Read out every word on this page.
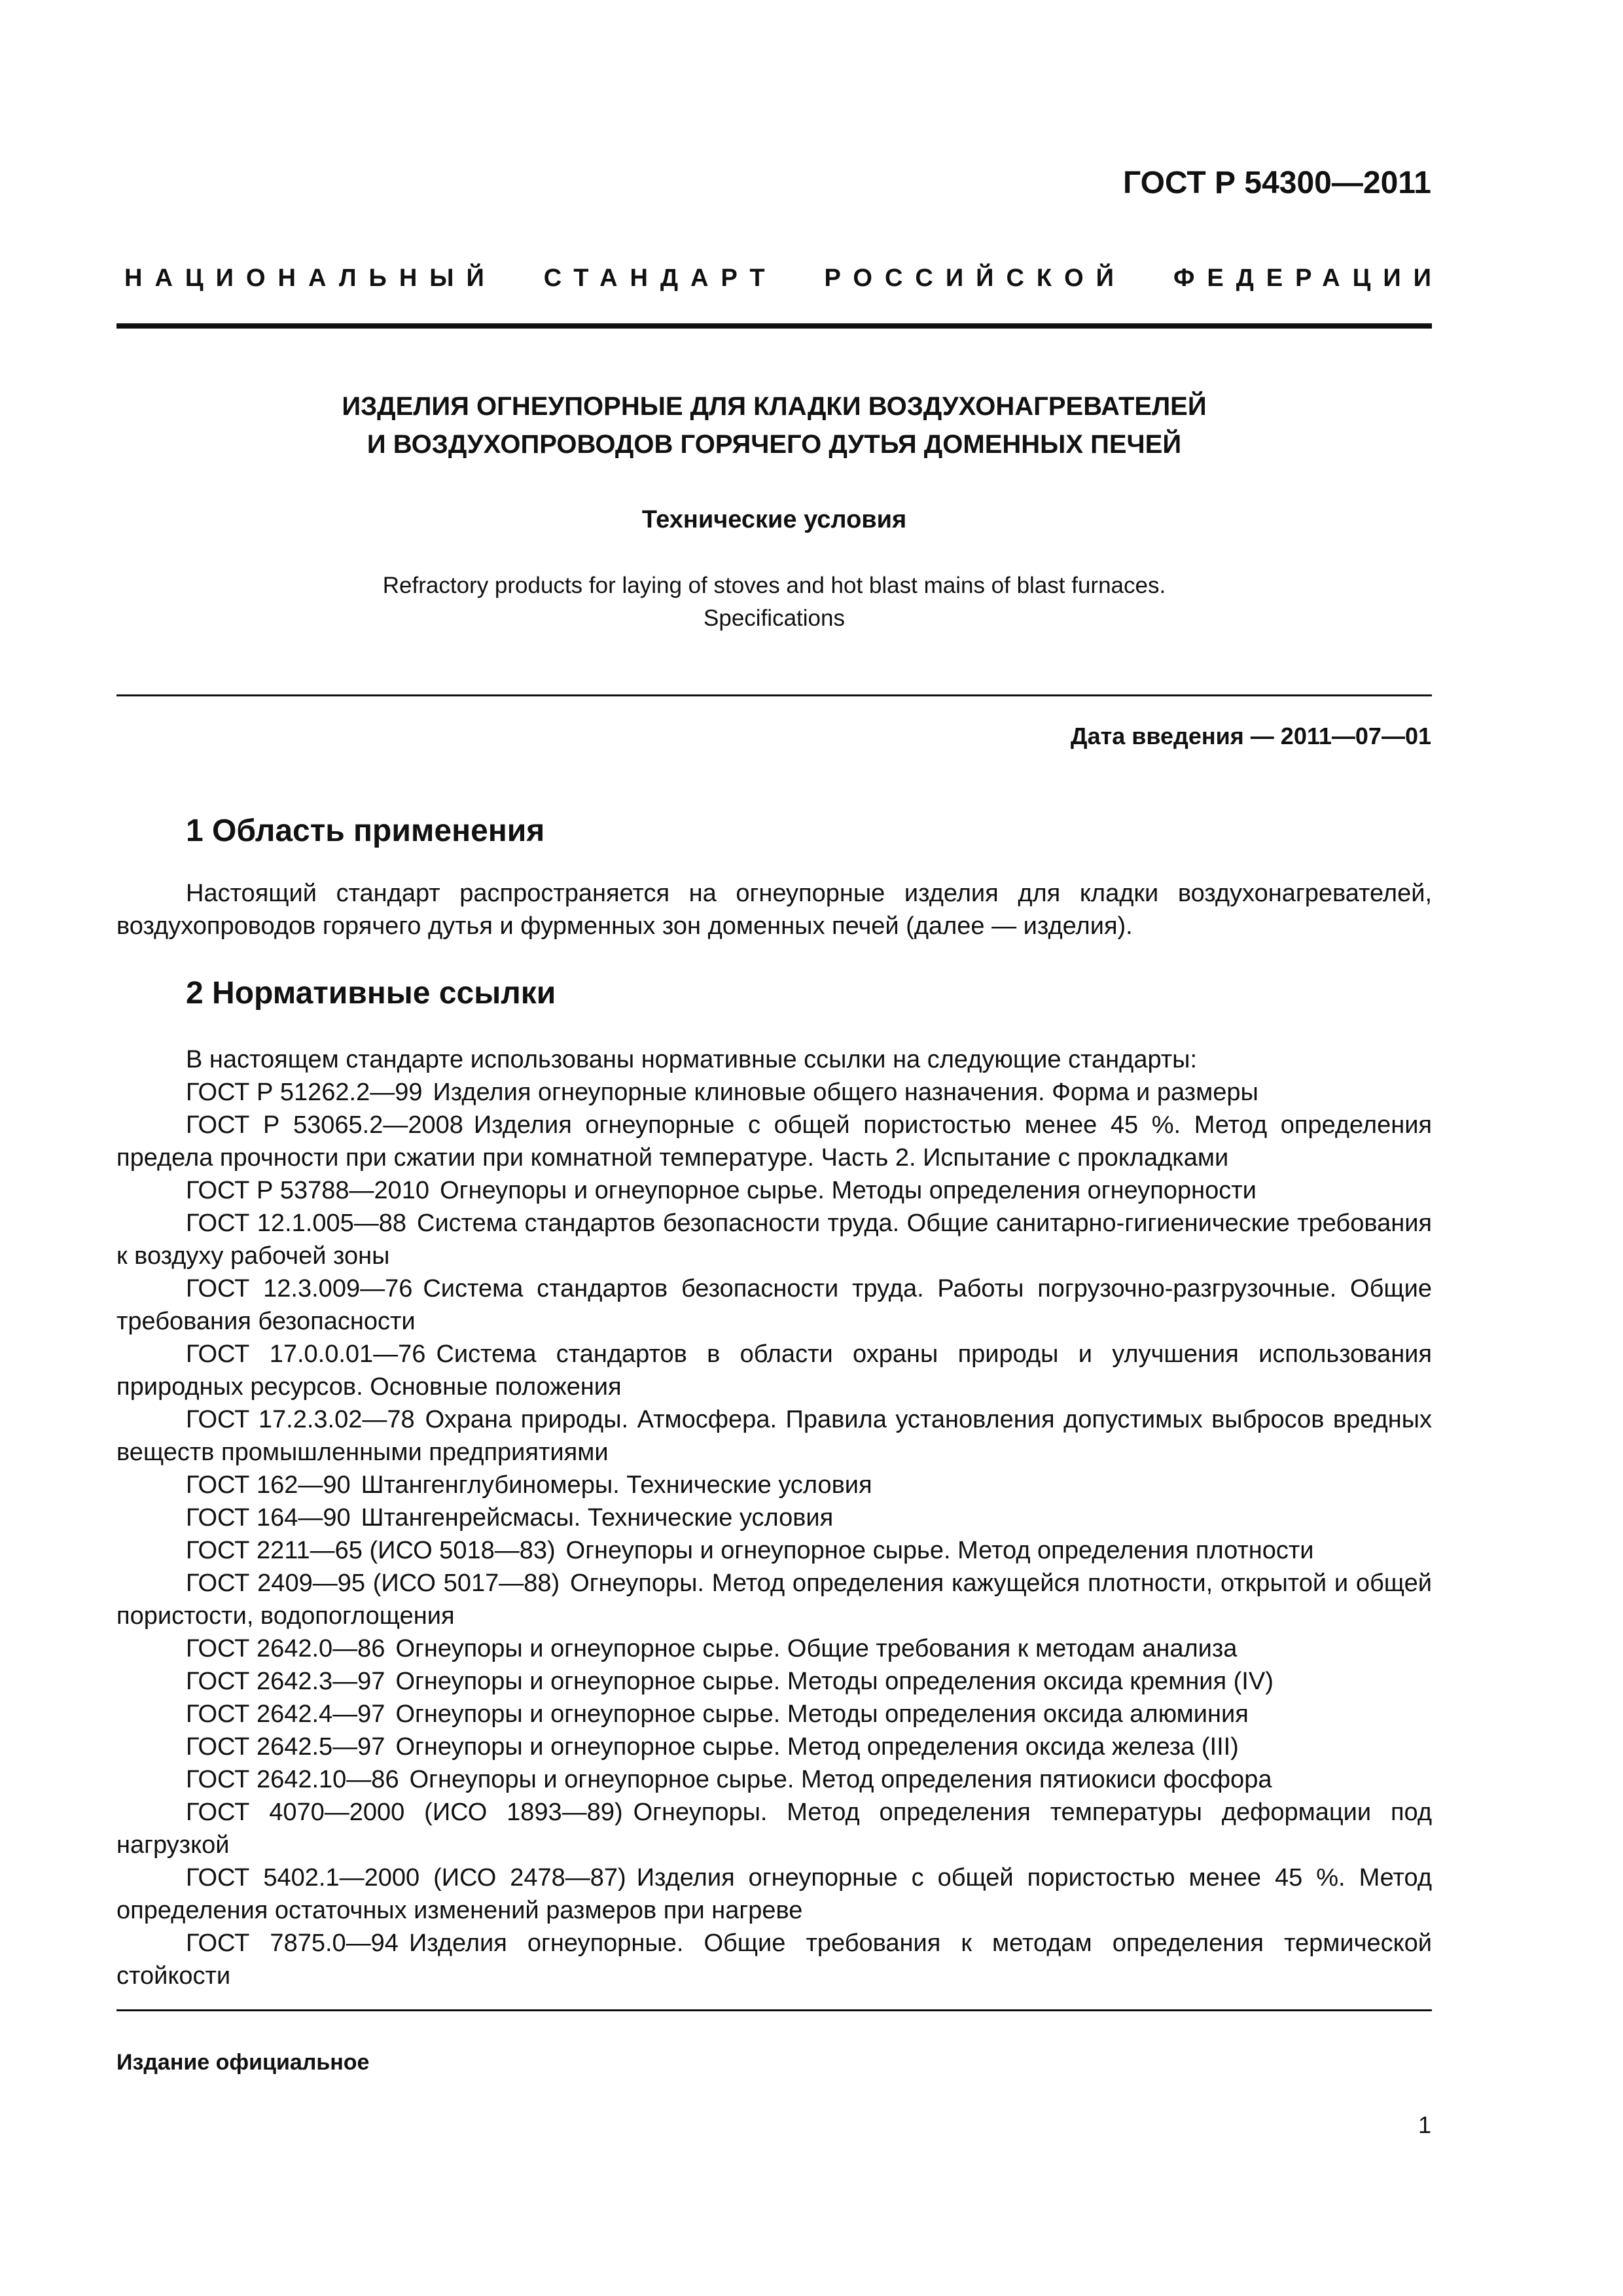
ГОСТ Р 54300—2011
НАЦИОНАЛЬНЫЙ СТАНДАРТ РОССИЙСКОЙ ФЕДЕРАЦИИ
ИЗДЕЛИЯ ОГНЕУПОРНЫЕ ДЛЯ КЛАДКИ ВОЗДУХОНАГРЕВАТЕЛЕЙ
И ВОЗДУХОПРОВОДОВ ГОРЯЧЕГО ДУТЬЯ ДОМЕННЫХ ПЕЧЕЙ
Технические условия
Refractory products for laying of stoves and hot blast mains of blast furnaces.
Specifications
Дата введения — 2011—07—01
1 Область применения

Настоящий стандарт распространяется на огнеупорные изделия для кладки воздухонагревателей, воздухопроводов горячего дутья и фурменных зон доменных печей (далее — изделия).

2 Нормативные ссылки

В настоящем стандарте использованы нормативные ссылки на следующие стандарты:

ГОСТ Р 51262.2—99 Изделия огнеупорные клиновые общего назначения. Форма и размеры

ГОСТ Р 53065.2—2008 Изделия огнеупорные с общей пористостью менее 45 %. Метод определения предела прочности при сжатии при комнатной температуре. Часть 2. Испытание с прокладками

ГОСТ Р 53788—2010 Огнеупоры и огнеупорное сырье. Методы определения огнеупорности

ГОСТ 12.1.005—88 Система стандартов безопасности труда. Общие санитарно-гигиенические требования к воздуху рабочей зоны

ГОСТ 12.3.009—76 Система стандартов безопасности труда. Работы погрузочно-разгрузочные. Общие требования безопасности

ГОСТ 17.0.0.01—76 Система стандартов в области охраны природы и улучшения использования природных ресурсов. Основные положения

ГОСТ 17.2.3.02—78 Охрана природы. Атмосфера. Правила установления допустимых выбросов вредных веществ промышленными предприятиями

ГОСТ 162—90 Штангенглубиномеры. Технические условия

ГОСТ 164—90 Штангенрейсмасы. Технические условия

ГОСТ 2211—65 (ИСО 5018—83) Огнеупоры и огнеупорное сырье. Метод определения плотности

ГОСТ 2409—95 (ИСО 5017—88) Огнеупоры. Метод определения кажущейся плотности, открытой и общей пористости, водопоглощения

ГОСТ 2642.0—86 Огнеупоры и огнеупорное сырье. Общие требования к методам анализа

ГОСТ 2642.3—97 Огнеупоры и огнеупорное сырье. Методы определения оксида кремния (IV)

ГОСТ 2642.4—97 Огнеупоры и огнеупорное сырье. Методы определения оксида алюминия

ГОСТ 2642.5—97 Огнеупоры и огнеупорное сырье. Метод определения оксида железа (III)

ГОСТ 2642.10—86 Огнеупоры и огнеупорное сырье. Метод определения пятиокиси фосфора

ГОСТ 4070—2000 (ИСО 1893—89) Огнеупоры. Метод определения температуры деформации под нагрузкой

ГОСТ 5402.1—2000 (ИСО 2478—87) Изделия огнеупорные с общей пористостью менее 45 %. Метод определения остаточных изменений размеров при нагреве

ГОСТ 7875.0—94 Изделия огнеупорные. Общие требования к методам определения термической стойкости

Издание официальное
1
